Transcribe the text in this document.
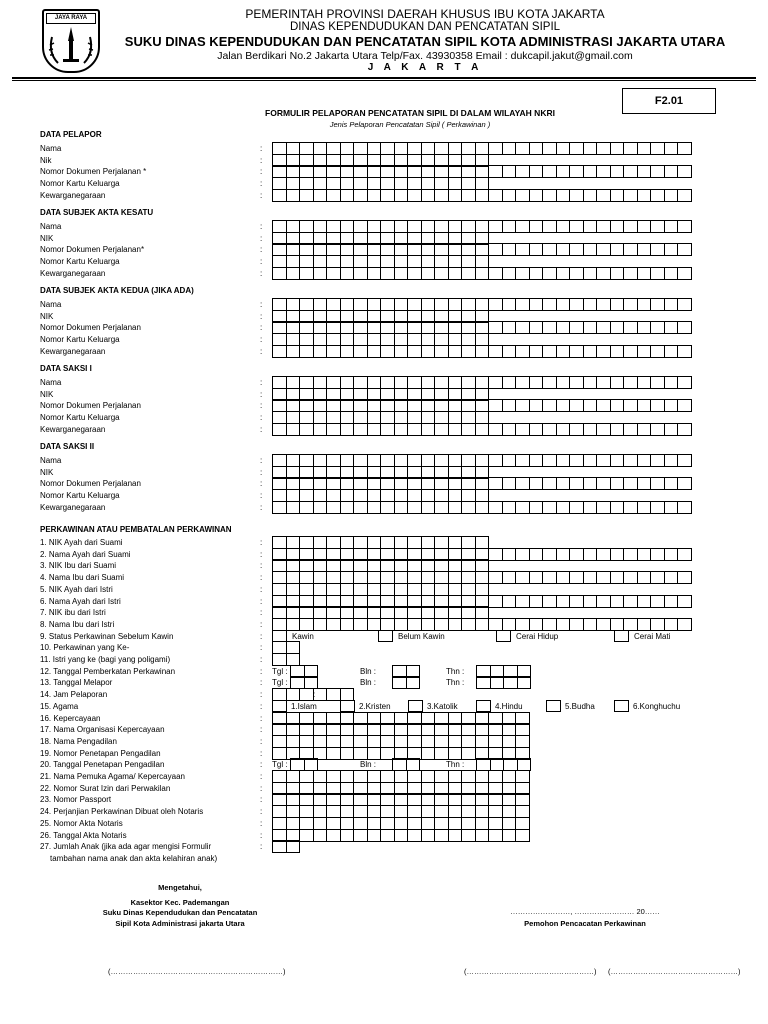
JAYA RAYA	PEMERINTAH PROVINSI DAERAH KHUSUS IBU KOTA JAKARTA
DINAS KEPENDUDUKAN DAN PENCATATAN SIPIL
SUKU DINAS KEPENDUDUKAN DAN PENCATATAN SIPIL KOTA ADMINISTRASI JAKARTA UTARA
Jalan Berdikari No.2 Jakarta Utara Telp/Fax. 43930358 Email : dukcapil.jakut@gmail.com
J A K A R T A
F2.01
FORMULIR PELAPORAN PENCATATAN SIPIL DI DALAM WILAYAH NKRI
Jenis Pelaporan Pencatatan Sipil ( Perkawinan )
DATA PELAPOR
Nama	:
Nik	:
Nomor Dokumen Perjalanan *	:
Nomor Kartu Keluarga	:
Kewarganegaraan	:
DATA SUBJEK AKTA KESATU
Nama	:
NIK	:
Nomor Dokumen Perjalanan*	:
Nomor Kartu Keluarga	:
Kewarganegaraan	:
DATA SUBJEK AKTA KEDUA (JIKA ADA)
Nama	:
NIK	:
Nomor Dokumen Perjalanan	:
Nomor Kartu Keluarga	:
Kewarganegaraan	:
DATA SAKSI I
Nama	:
NIK	:
Nomor Dokumen Perjalanan	:
Nomor Kartu Keluarga	:
Kewarganegaraan	:
DATA SAKSI II
Nama	:
NIK	:
Nomor Dokumen Perjalanan	:
Nomor Kartu Keluarga	:
Kewarganegaraan	:
PERKAWINAN ATAU PEMBATALAN PERKAWINAN
1. NIK Ayah dari Suami	:
2. Nama Ayah dari Suami	:
3. NIK Ibu dari Suami	:
4. Nama Ibu dari Suami	:
5. NIK Ayah dari Istri	:
6. Nama Ayah dari Istri	:
7. NIK ibu dari Istri	:
8. Nama Ibu dari Istri	:
9. Status Perkawinan Sebelum Kawin	:	Kawin	Belum Kawin	Cerai Hidup	Cerai Mati
10. Perkawinan yang Ke-	:
11. Istri yang ke (bagi yang poligami)	:
12. Tanggal Pemberkatan Perkawinan	: Tgl :	Bln :	Thn :
13. Tanggal Melapor	: Tgl :	Bln :	Thn :
14. Jam Pelaporan	:	:
15. Agama	:	1.Islam	2.Kristen	3.Katolik	4.Hindu	5.Budha	6.Konghuchu
16. Kepercayaan	:
17. Nama Organisasi Kepercayaan	:
18. Nama Pengadilan	:
19. Nomor Penetapan Pengadilan	:
20. Tanggal Penetapan Pengadilan	: Tgl :	Bln :	Thn :
21. Nama Pemuka Agama/ Kepercayaan	:
22. Nomor Surat Izin dari Perwakilan	:
23. Nomor Passport	:
24. Perjanjian Perkawinan Dibuat oleh Notaris	:
25. Nomor Akta Notaris	:
26. Tanggal Akta Notaris	:
27. Jumlah Anak (jika ada agar mengisi Formulir	:
tambahan nama anak dan akta kelahiran anak)
Mengetahui,
Kasektor Kec. Pademangan
Suku Dinas Kependudukan dan Pencatatan
Sipil Kota Administrasi jakarta Utara
……………………, …………………… 20……
Pemohon Pencacatan Perkawinan
(……………………………………………………………)	(……………………………………………) (……………………………………………)
